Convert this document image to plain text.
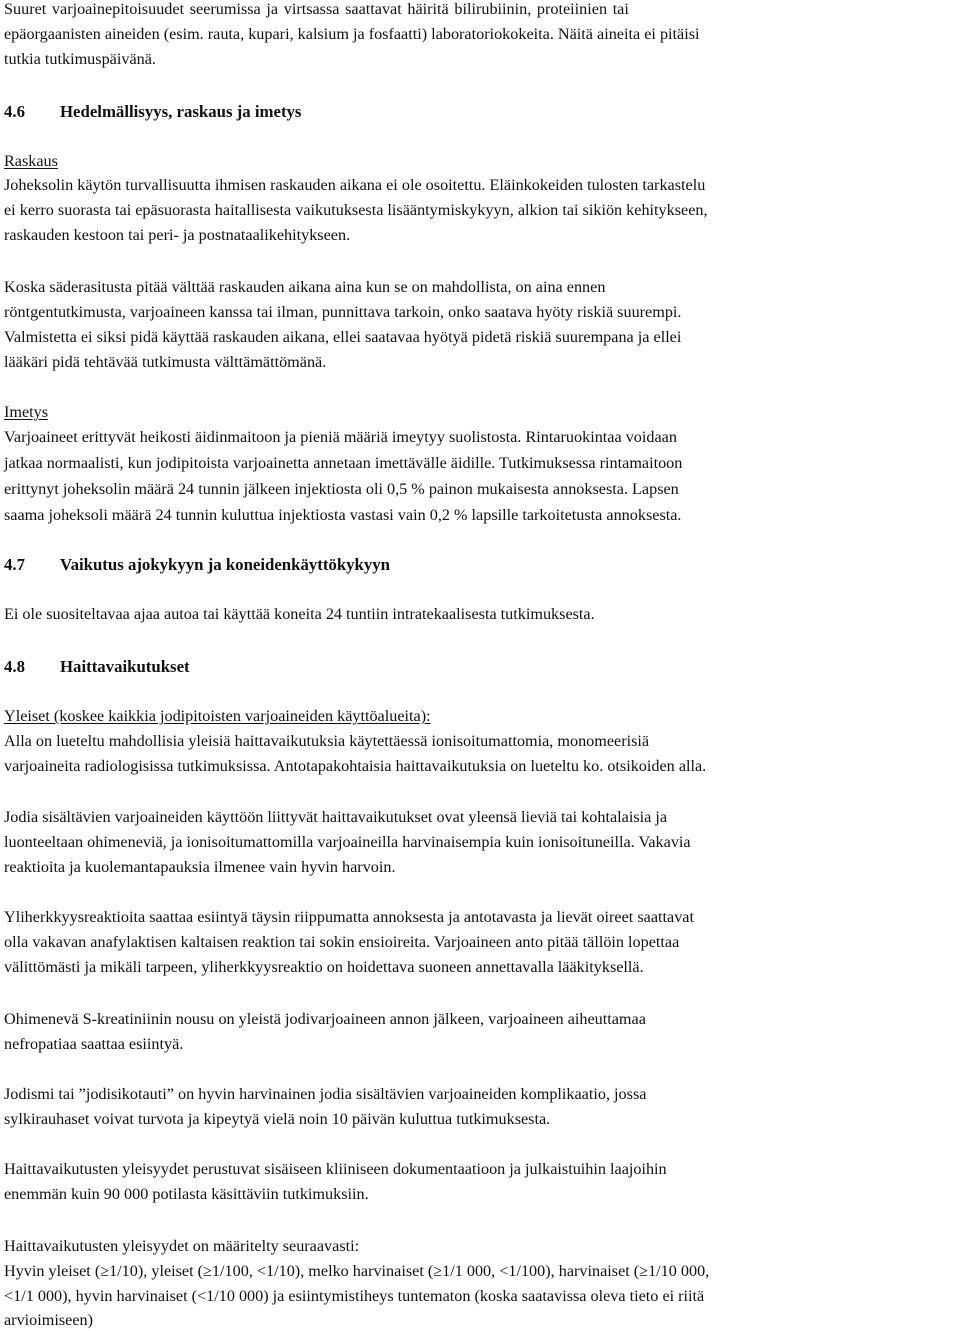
Suuret varjoainepitoisuudet seerumissa ja virtsassa saattavat häiritä bilirubiinin, proteiinien tai
epäorgaanisten aineiden (esim. rauta, kupari, kalsium ja fosfaatti) laboratoriokokeita. Näitä aineita ei pitäisi
tutkia tutkimuspäivänä.
4.6 Hedelmällisyys, raskaus ja imetys
Raskaus
Joheksolin käytön turvallisuutta ihmisen raskauden aikana ei ole osoitettu. Eläinkokeiden tulosten tarkastelu
ei kerro suorasta tai epäsuorasta haitallisesta vaikutuksesta lisääntymiskykyyn, alkion tai sikiön kehitykseen,
raskauden kestoon tai peri- ja postnataalikehitykseen.
Koska säderasitusta pitää välttää raskauden aikana aina kun se on mahdollista, on aina ennen
röntgentutkimusta, varjoaineen kanssa tai ilman, punnittava tarkoin, onko saatava hyöty riskiä suurempi.
Valmistetta ei siksi pidä käyttää raskauden aikana, ellei saatavaa hyötyä pidetä riskiä suurempana ja ellei
lääkäri pidä tehtävää tutkimusta välttämättömänä.
Imetys
Varjoaineet erittyvät heikosti äidinmaitoon ja pieniä määriä imeytyy suolistosta. Rintaruokintaa voidaan
jatkaa normaalisti, kun jodipitoista varjoainetta annetaan imettävälle äidille. Tutkimuksessa rintamaitoon
erittynyt joheksolin määrä 24 tunnin jälkeen injektiosta oli 0,5 % painon mukaisesta annoksesta. Lapsen
saama joheksoli määrä 24 tunnin kuluttua injektiosta vastasi vain 0,2 % lapsille tarkoitetusta annoksesta.
4.7 Vaikutus ajokykyyn ja koneidenkäyttökykyyn
Ei ole suositeltavaa ajaa autoa tai käyttää koneita 24 tuntiin intratekaalisesta tutkimuksesta.
4.8 Haittavaikutukset
Yleiset (koskee kaikkia jodipitoisten varjoaineiden käyttöalueita):
Alla on lueteltu mahdollisia yleisiä haittavaikutuksia käytettäessä ionisoitumattomia, monomeerisiä
varjoaineita radiologisissa tutkimuksissa. Antotapakohtaisia haittavaikutuksia on lueteltu ko. otsikoiden alla.
Jodia sisältävien varjoaineiden käyttöön liittyvät haittavaikutukset ovat yleensä lieviä tai kohtalaisia ja
luonteeltaan ohimeneviä, ja ionisoitumattomilla varjoaineilla harvinaisempia kuin ionisoituneilla. Vakavia
reaktioita ja kuolemantapauksia ilmenee vain hyvin harvoin.
Yliherkkyysreaktioita saattaa esiintyä täysin riippumatta annoksesta ja antotavasta ja lievät oireet saattavat
olla vakavan anafylaktisen kaltaisen reaktion tai sokin ensioireita. Varjoaineen anto pitää tällöin lopettaa
välittömästi ja mikäli tarpeen, yliherkkyysreaktio on hoidettava suoneen annettavalla lääkityksellä.
Ohimenevä S-kreatiniinin nousu on yleistä jodivarjoaineen annon jälkeen, varjoaineen aiheuttamaa
nefropatiaa saattaa esiintyä.
Jodismi tai ”jodisikotauti” on hyvin harvinainen jodia sisältävien varjoaineiden komplikaatio, jossa
sylkirauhaset voivat turvota ja kipeytyä vielä noin 10 päivän kuluttua tutkimuksesta.
Haittavaikutusten yleisyydet perustuvat sisäiseen kliiniseen dokumentaatioon ja julkaistuihin laajoihin
enemmän kuin 90 000 potilasta käsittäviin tutkimuksiin.
Haittavaikutusten yleisyydet on määritelty seuraavasti:
Hyvin yleiset (≥1/10), yleiset (≥1/100, <1/10), melko harvinaiset (≥1/1 000, <1/100), harvinaiset (≥1/10 000,
<1/1 000), hyvin harvinaiset (<1/10 000) ja esiintymistiheys tuntematon (koska saatavissa oleva tieto ei riitä
arvioimiseen)
